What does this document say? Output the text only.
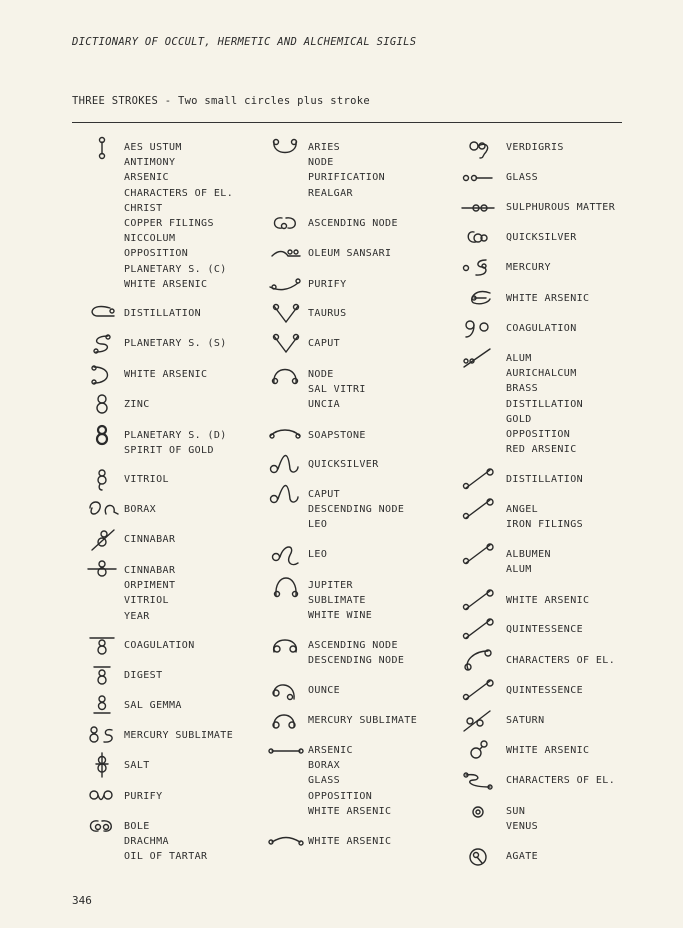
DICTIONARY OF OCCULT, HERMETIC AND ALCHEMICAL SIGILS
THREE STROKES - Two small circles plus stroke
AES USTUM
ANTIMONY
ARSENIC
CHARACTERS OF EL.
CHRIST
COPPER FILINGS
NICCOLUM
OPPOSITION
PLANETARY S. (C)
WHITE ARSENIC
DISTILLATION
PLANETARY S. (S)
WHITE ARSENIC
ZINC
PLANETARY S. (D)
SPIRIT OF GOLD
VITRIOL
BORAX
CINNABAR
CINNABAR
ORPIMENT
VITRIOL
YEAR
COAGULATION
DIGEST
SAL GEMMA
MERCURY SUBLIMATE
SALT
PURIFY
BOLE
DRACHMA
OIL OF TARTAR
ARIES
NODE
PURIFICATION
REALGAR
ASCENDING NODE
OLEUM SANSARI
PURIFY
TAURUS
CAPUT
NODE
SAL VITRI
UNCIA
SOAPSTONE
QUICKSILVER
CAPUT
DESCENDING NODE
LEO
LEO
JUPITER
SUBLIMATE
WHITE WINE
ASCENDING NODE
DESCENDING NODE
OUNCE
MERCURY SUBLIMATE
ARSENIC
BORAX
GLASS
OPPOSITION
WHITE ARSENIC
WHITE ARSENIC
VERDIGRIS
GLASS
SULPHUROUS MATTER
QUICKSILVER
MERCURY
WHITE ARSENIC
COAGULATION
ALUM
AURICHALCUM
BRASS
DISTILLATION
GOLD
OPPOSITION
RED ARSENIC
DISTILLATION
ANGEL
IRON FILINGS
ALBUMEN
ALUM
WHITE ARSENIC
QUINTESSENCE
CHARACTERS OF EL.
QUINTESSENCE
SATURN
WHITE ARSENIC
CHARACTERS OF EL.
SUN
VENUS
AGATE
346
